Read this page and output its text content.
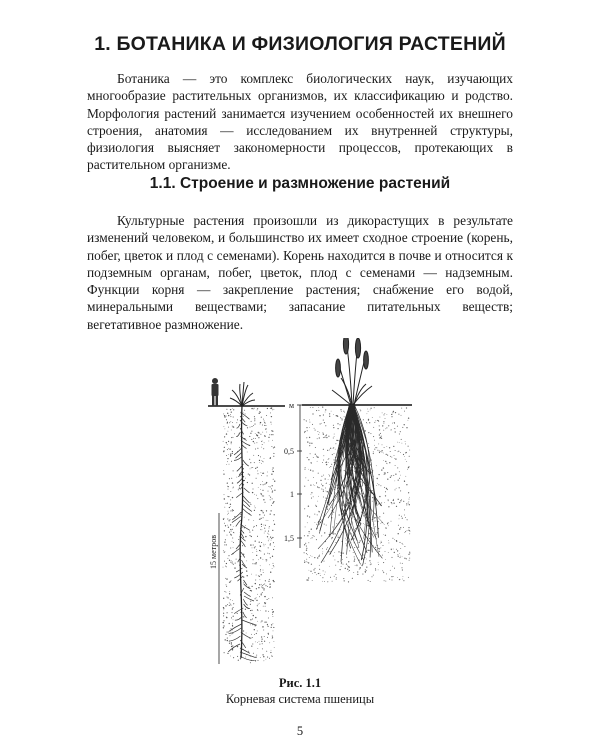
1. БОТАНИКА И ФИЗИОЛОГИЯ РАСТЕНИЙ

Ботаника — это комплекс биологических наук, изучающих многообразие растительных организмов, их классификацию и родство. Морфология растений занимается изучением особенностей их внешнего строения, анатомия — исследованием их внутренней структуры, физиология выясняет закономерности процессов, протекающих в растительном организме.

1.1. Строение и размножение растений

Культурные растения произошли из дикорастущих в результате изменений человеком, и большинство их имеет сходное строение (корень, побег, цветок и плод с семенами). Корень находится в почве и относится к подземным органам, побег, цветок, плод с семенами — надземным. Функции корня — закрепление растения; снабжение его водой, минеральными веществами; запасание питательных веществ; вегетативное размножение.

15 метров
м
0,5
1
1,5

Рис. 1.1

Корневая система пшеницы

5
